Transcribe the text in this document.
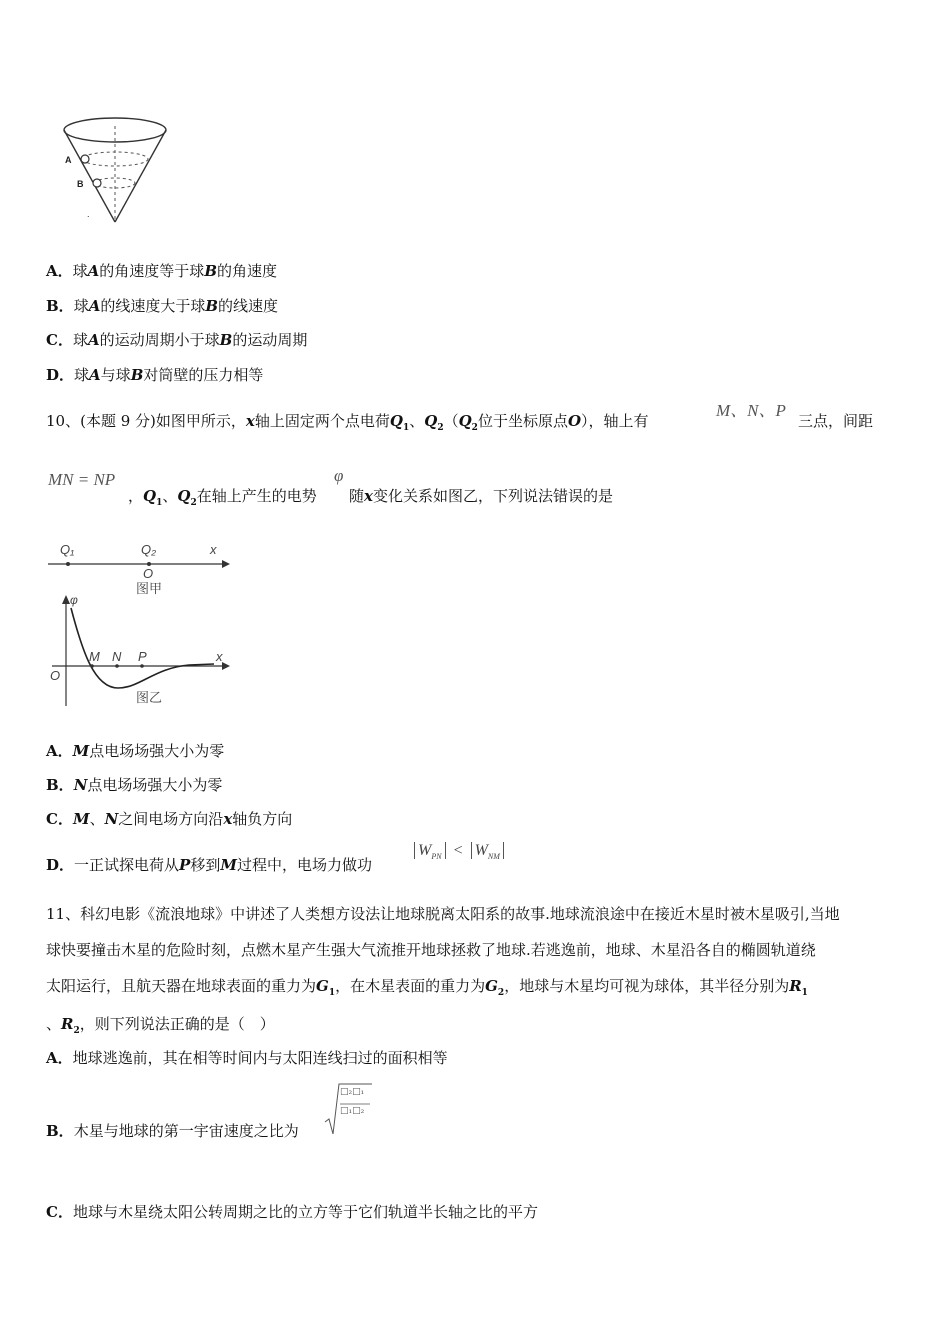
A
B
.
A．球A的角速度等于球B的角速度
B．球A的线速度大于球B的线速度
C．球A的运动周期小于球B的运动周期
D．球A与球B对筒壁的压力相等
10、(本题 9 分)如图甲所示，x轴上固定两个点电荷$Q_1$、$Q_2(Q_2$位于坐标原点O），轴上有
M、N、P
三点，间距
MN = NP
，$Q_1$、$Q_2$在轴上产生的电势
φ
随x变化关系如图乙，下列说法错误的是
Q₁	Q₂	x
O
图甲
φ
O
M N P	x
图乙
A．M点电场场强大小为零
B．N点电场场强大小为零
C．M、N之间电场方向沿x轴负方向
D．一正试探电荷从P移到M过程中，电场力做功
$W_{PN} < W_{NM}$
11、科幻电影《流浪地球》中讲述了人类想方设法让地球脱离太阳系的故事.地球流浪途中在接近木星时被木星吸引,当地
球快要撞击木星的危险时刻，点燃木星产生强大气流推开地球拯救了地球.若逃逸前，地球、木星沿各自的椭圆轨道绕
太阳运行，且航天器在地球表面的重力为$G_1$，在木星表面的重力为$G_2$，地球与木星均可视为球体，其半径分别为$R_1$
、$R_2$，则下列说法正确的是（　）
A．地球逃逸前，其在相等时间内与太阳连线扫过的面积相等
B．木星与地球的第一宇宙速度之比为
□₂□₁
□₁□₂
C．地球与木星绕太阳公转周期之比的立方等于它们轨道半长轴之比的平方
